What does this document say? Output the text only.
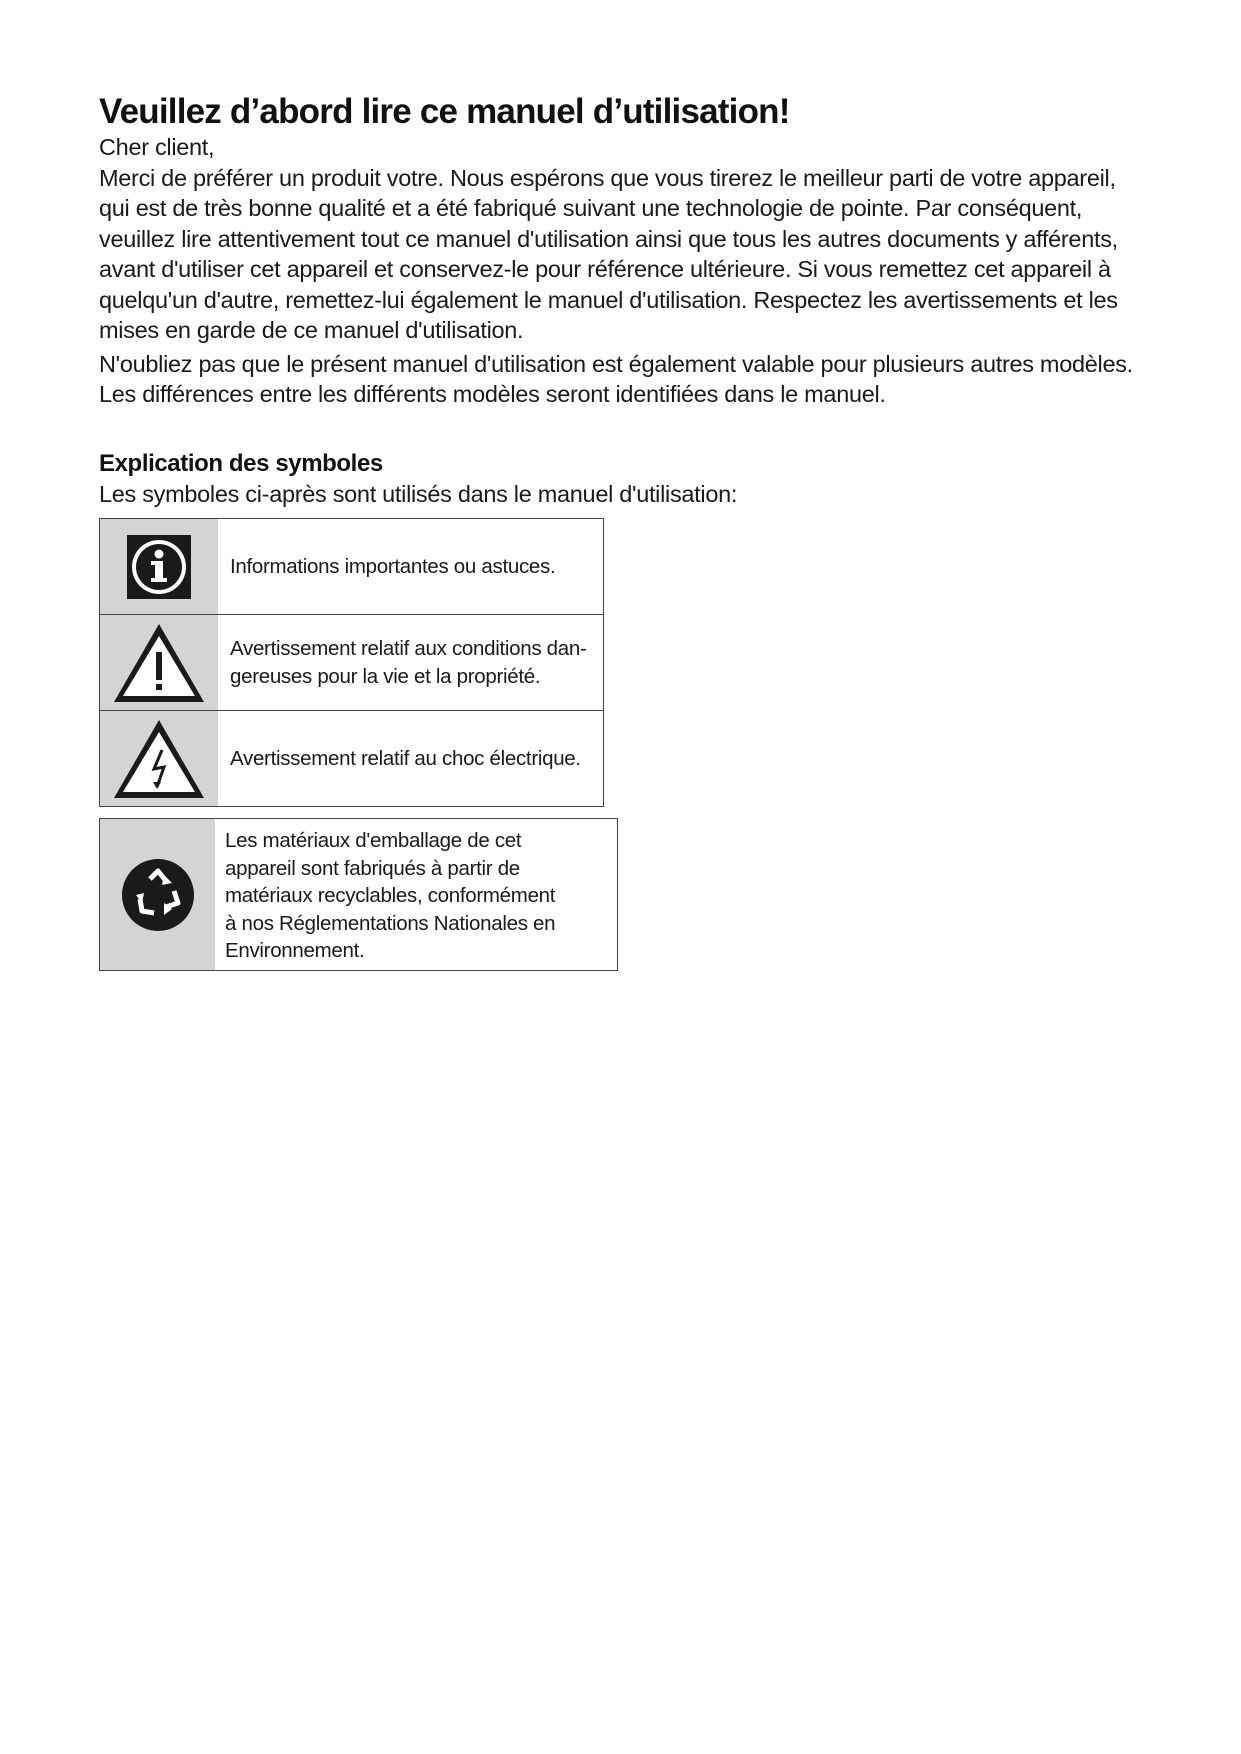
Veuillez d’abord lire ce manuel d’utilisation!

Cher client,

Merci de préférer un produit votre. Nous espérons que vous tirerez le meilleur parti de votre appareil, qui est de très bonne qualité et a été fabriqué suivant une technologie de pointe. Par conséquent, veuillez lire attentivement tout ce manuel d'utilisation ainsi que tous les autres documents y afférents, avant d'utiliser cet appareil et conservez-le pour référence ultérieure. Si vous remettez cet appareil à quelqu'un d'autre, remettez-lui également le manuel d'utilisation. Respectez les avertissements et les mises en garde de ce manuel d'utilisation.

N'oubliez pas que le présent manuel d'utilisation est également valable pour plusieurs autres modèles. Les différences entre les différents modèles seront identifiées dans le manuel.

Explication des symboles

Les symboles ci-après sont utilisés dans le manuel d'utilisation:

Informations importantes ou astuces.
Avertissement relatif aux conditions dan-gereuses pour la vie et la propriété.
Avertissement relatif au choc électrique.
Les matériaux d'emballage de cet
appareil sont fabriqués à partir de
matériaux recyclables, conformément
à nos Réglementations Nationales en
Environnement.
